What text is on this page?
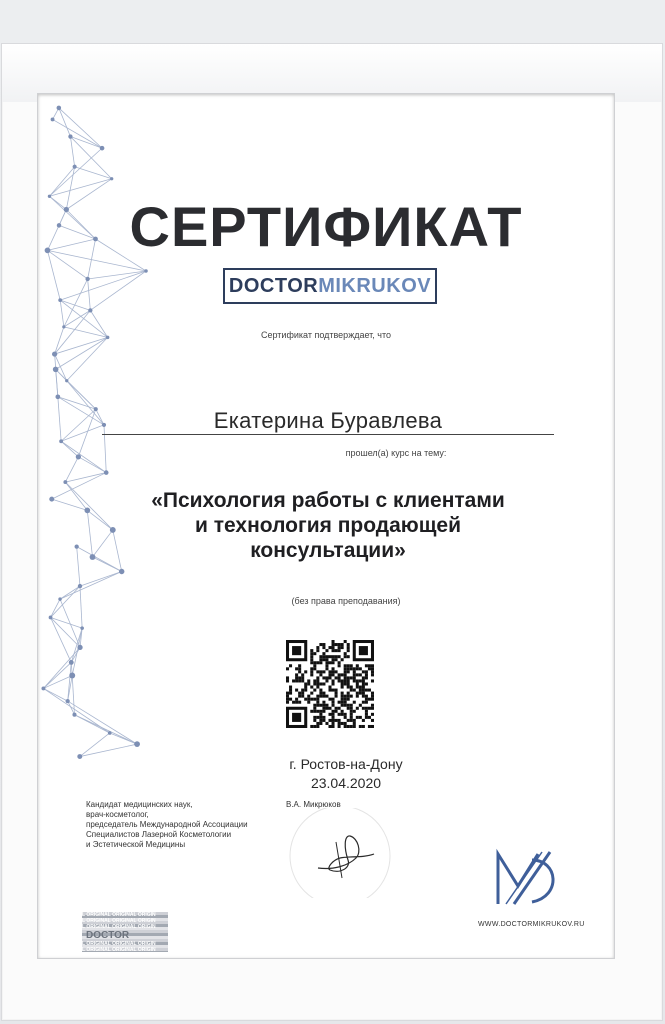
СЕРТИФИКАТ
DOCTOR MIKRUKOV
Сертификат подтверждает, что
Екатерина Буравлева
прошел(а) курс на тему:
«Психология работы с клиентами
и технология продающей
консультации»
(без права преподавания)
г. Ростов-на-Дону
23.04.2020
Кандидат медицинских наук,
врач-косметолог,
председатель Международной Ассоциации
Специалистов Лазерной Косметологии
и Эстетической Медицины
В.А. Микрюков
WWW.DOCTORMIKRUKOV.RU
L ORIGINAL ORIGINAL ORIGIN
L ORIGINAL ORIGINAL ORIGIN
L ORIGINAL ORIGINAL ORIGIN
DOCTOR
L ORIGINAL ORIGINAL ORIGIN
L ORIGINAL ORIGINAL ORIGIN
